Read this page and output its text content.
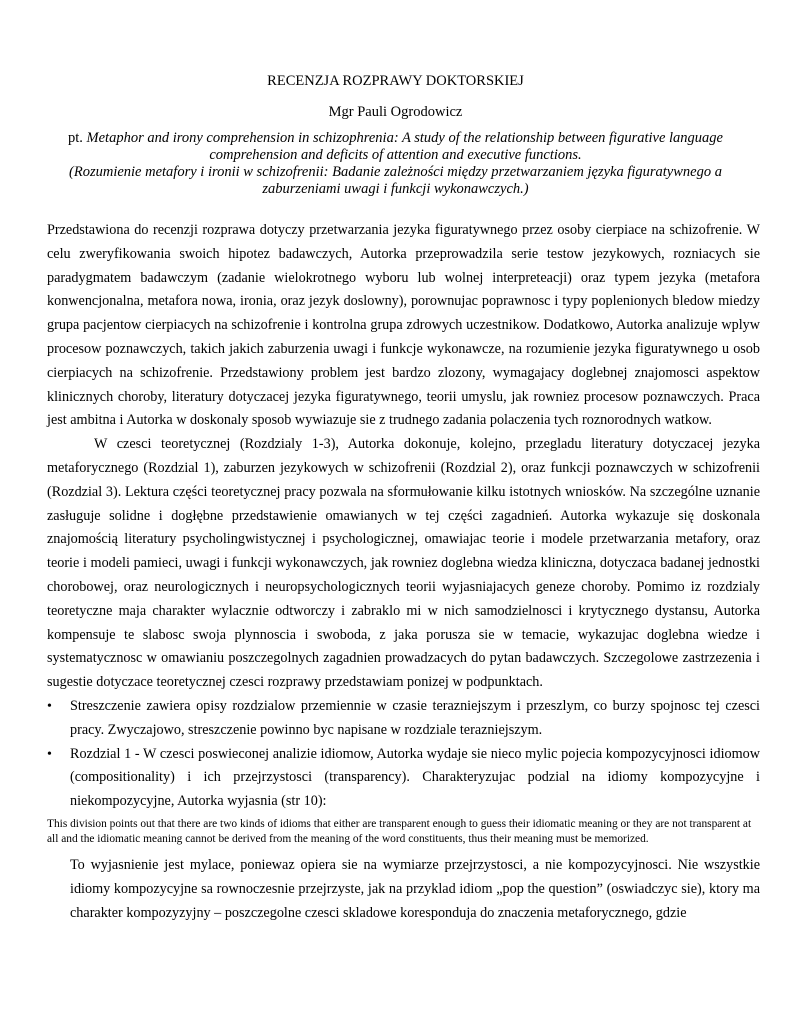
RECENZJA ROZPRAWY DOKTORSKIEJ
Mgr Pauli Ogrodowicz
pt. Metaphor and irony comprehension in schizophrenia: A study of the relationship between figurative language comprehension and deficits of attention and executive functions.
(Rozumienie metafory i ironii w schizofrenii: Badanie zależności między przetwarzaniem języka figuratywnego a zaburzeniami uwagi i funkcji wykonawczych.)

Przedstawiona do recenzji rozprawa dotyczy przetwarzania jezyka figuratywnego przez osoby cierpiace na schizofrenie. W celu zweryfikowania swoich hipotez badawczych, Autorka przeprowadzila serie testow jezykowych, rozniacych sie paradygmatem badawczym (zadanie wielokrotnego wyboru lub wolnej interpreteacji) oraz typem jezyka (metafora konwencjonalna, metafora nowa, ironia, oraz jezyk doslowny), porownujac poprawnosc i typy poplenionych bledow miedzy grupa pacjentow cierpiacych na schizofrenie i kontrolna grupa zdrowych uczestnikow. Dodatkowo, Autorka analizuje wplyw procesow poznawczych, takich jakich zaburzenia uwagi i funkcje wykonawcze, na rozumienie jezyka figuratywnego u osob cierpiacych na schizofrenie. Przedstawiony problem jest bardzo zlozony, wymagajacy doglebnej znajomosci aspektow klinicznych choroby, literatury dotyczacej jezyka figuratywnego, teorii umyslu, jak rowniez procesow poznawczych. Praca jest ambitna i Autorka w doskonaly sposob wywiazuje sie z trudnego zadania polaczenia tych roznorodnych watkow.

W czesci teoretycznej (Rozdzialy 1-3), Autorka dokonuje, kolejno, przegladu literatury dotyczacej jezyka metaforycznego (Rozdzial 1), zaburzen jezykowych w schizofrenii (Rozdzial 2), oraz funkcji poznawczych w schizofrenii (Rozdzial 3). Lektura części teoretycznej pracy pozwala na sformułowanie kilku istotnych wniosków. Na szczególne uznanie zasługuje solidne i dogłębne przedstawienie omawianych w tej części zagadnień. Autorka wykazuje się doskonala znajomością literatury psycholingwistycznej i psychologicznej, omawiajac teorie i modele przetwarzania metafory, oraz teorie i modeli pamieci, uwagi i funkcji wykonawczych, jak rowniez doglebna wiedza kliniczna, dotyczaca badanej jednostki chorobowej, oraz neurologicznych i neuropsychologicznych teorii wyjasniajacych geneze choroby. Pomimo iz rozdzialy teoretyczne maja charakter wylacznie odtworczy i zabraklo mi w nich samodzielnosci i krytycznego dystansu, Autorka kompensuje te slabosc swoja plynnoscia i swoboda, z jaka porusza sie w temacie, wykazujac doglebna wiedze i systematycznosc w omawianiu poszczegolnych zagadnien prowadzacych do pytan badawczych. Szczegolowe zastrzezenia i sugestie dotyczace teoretycznej czesci rozprawy przedstawiam ponizej w podpunktach.

• Streszczenie zawiera opisy rozdzialow przemiennie w czasie terazniejszym i przeszlym, co burzy spojnosc tej czesci pracy. Zwyczajowo, streszczenie powinno byc napisane w rozdziale terazniejszym.
• Rozdzial 1 - W czesci poswieconej analizie idiomow, Autorka wydaje sie nieco mylic pojecia kompozycyjnosci idiomow (compositionality) i ich przejrzystosci (transparency). Charakteryzujac podzial na idiomy kompozycyjne i niekompozycyjne, Autorka wyjasnia (str 10):
This division points out that there are two kinds of idioms that either are transparent enough to guess their idiomatic meaning or they are not transparent at all and the idiomatic meaning cannot be derived from the meaning of the word constituents, thus their meaning must be memorized.

To wyjasnienie jest mylace, poniewaz opiera sie na wymiarze przejrzystosci, a nie kompozycyjnosci. Nie wszystkie idiomy kompozycyjne sa rownoczesnie przejrzyste, jak na przyklad idiom „pop the question” (oswiadczyc sie), ktory ma charakter kompozyzyjny – poszczegolne czesci skladowe koresponduja do znaczenia metaforycznego, gdzie
